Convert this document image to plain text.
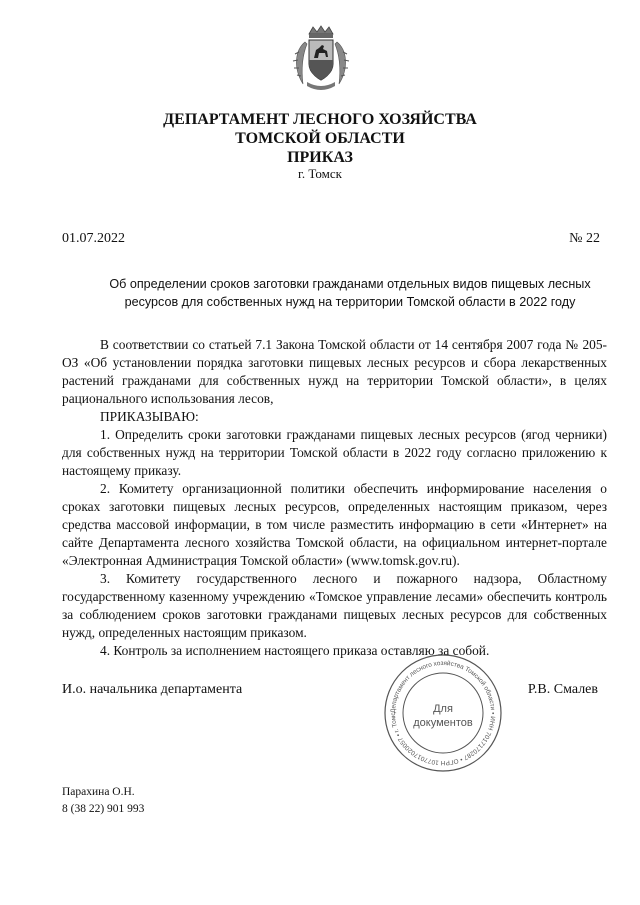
ДЕПАРТАМЕНТ ЛЕСНОГО ХОЗЯЙСТВА
ТОМСКОЙ ОБЛАСТИ
ПРИКАЗ
г. Томск
01.07.2022	№ 22
Об определении сроков заготовки гражданами отдельных видов пищевых лесных
ресурсов для собственных нужд на территории Томской области в 2022 году

В соответствии со статьей 7.1 Закона Томской области от 14 сентября 2007 года № 205-ОЗ «Об установлении порядка заготовки пищевых лесных ресурсов и сбора лекарственных растений гражданами для собственных нужд на территории Томской области», в целях рационального использования лесов,

ПРИКАЗЫВАЮ:

1. Определить сроки заготовки гражданами пищевых лесных ресурсов (ягод черники) для собственных нужд на территории Томской области в 2022 году согласно приложению к настоящему приказу.

2. Комитету организационной политики обеспечить информирование населения о сроках заготовки пищевых лесных ресурсов, определенных настоящим приказом, через средства массовой информации, в том числе разместить информацию в сети «Интернет» на сайте Департамента лесного хозяйства Томской области, на официальном интернет-портале «Электронная Администрация Томской области» (www.tomsk.gov.ru).

3. Комитету государственного лесного и пожарного надзора, Областному государственному казенному учреждению «Томское управление лесами» обеспечить контроль за соблюдением сроков заготовки гражданами пищевых лесных ресурсов для собственных нужд, определенных настоящим приказом.

4. Контроль за исполнением настоящего приказа оставляю за собой.

И.о. начальника департамента	Р.В. Смалев
Департамент лесного хозяйства Томской области • ИНН 7017170287 • ОГРН 1077017020057 • г. Томс	Для
документов
Парахина О.Н.
8 (38 22) 901 993
